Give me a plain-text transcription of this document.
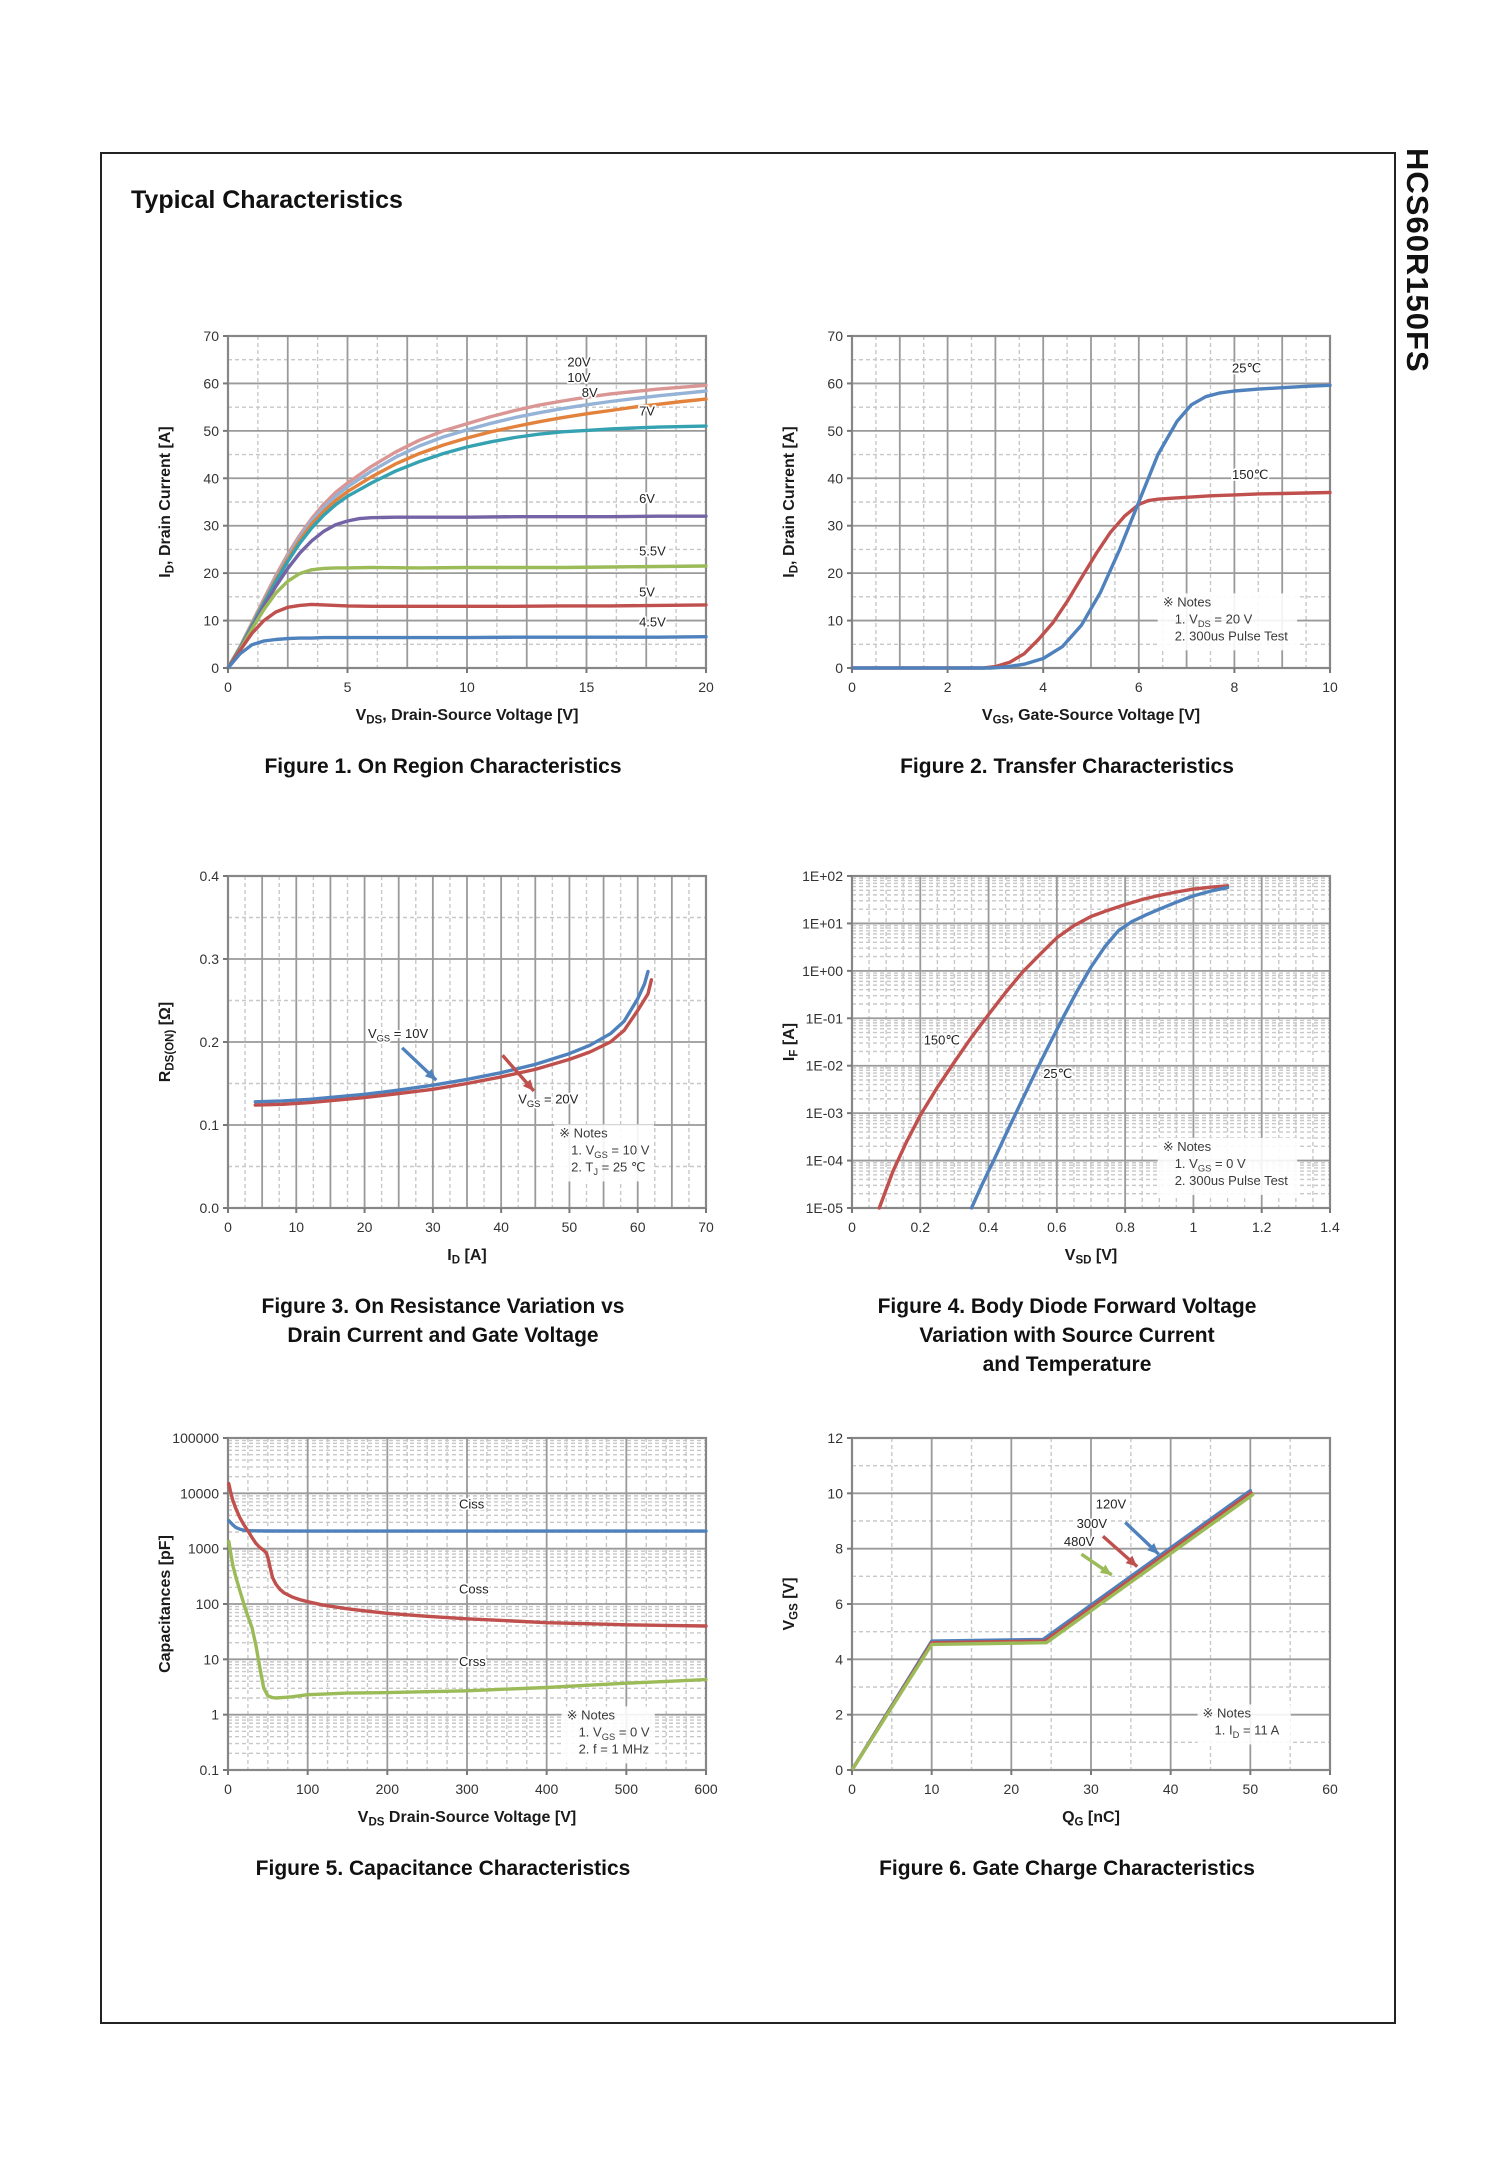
Typical Characteristics	HCS60R150FS
20V
10V
8V
7V
6V
5.5V
5V
4.5V
0	5	10	15	20
0
10
20
30
40
50
60
70
$V_{DS}$, Drain-Source Voltage [V]
$I_D$, Drain Current [A]
Figure 1. On Region Characteristics
25℃
150℃
※ Notes
1. $V_{DS} = 20$ V
2. 300us Pulse Test
0	2	4	6	8	10
0
10
20
30
40
50
60
70
$V_{GS}$, Gate-Source Voltage [V]
$I_D$, Drain Current [A]
Figure 2. Transfer Characteristics
$V_{GS} = 10V$
$V_{GS} = 20V$
※ Notes
1. $V_{GS} = 10$ V
2. $T_J = 25$ ℃
0	10	20	30	40	50	60	70
0.0
0.1
0.2
0.3
0.4
$I_D$ [A]
$R_{DS(ON)}$ [Ω]
Figure 3. On Resistance Variation vs
Drain Current and Gate Voltage
150℃
25℃
※ Notes
1. $V_{GS} = 0$ V
2. 300us Pulse Test
0	0.2	0.4	0.6	0.8	1	1.2	1.4
1E+02
1E+01
1E+00
1E-01
1E-02
1E-03
1E-04
1E-05
$V_{SD}$ [V]
$I_F$ [A]
Figure 4. Body Diode Forward Voltage
Variation with Source Current
and Temperature
Ciss
Coss
Crss
※ Notes
1. $V_{GS} = 0$ V
2. f = 1 MHz
0	100	200	300	400	500	600
100000
10000
1000
100
10
1
0.1
$V_{DS}$ Drain-Source Voltage [V]
Capacitances [pF]
Figure 5. Capacitance Characteristics
120V
300V
480V
※ Notes
1. $I_D = 11$ A
0	10	20	30	40	50	60
0
2
4
6
8
10
12
$Q_G$ [nC]
$V_{GS}$ [V]
Figure 6. Gate Charge Characteristics
